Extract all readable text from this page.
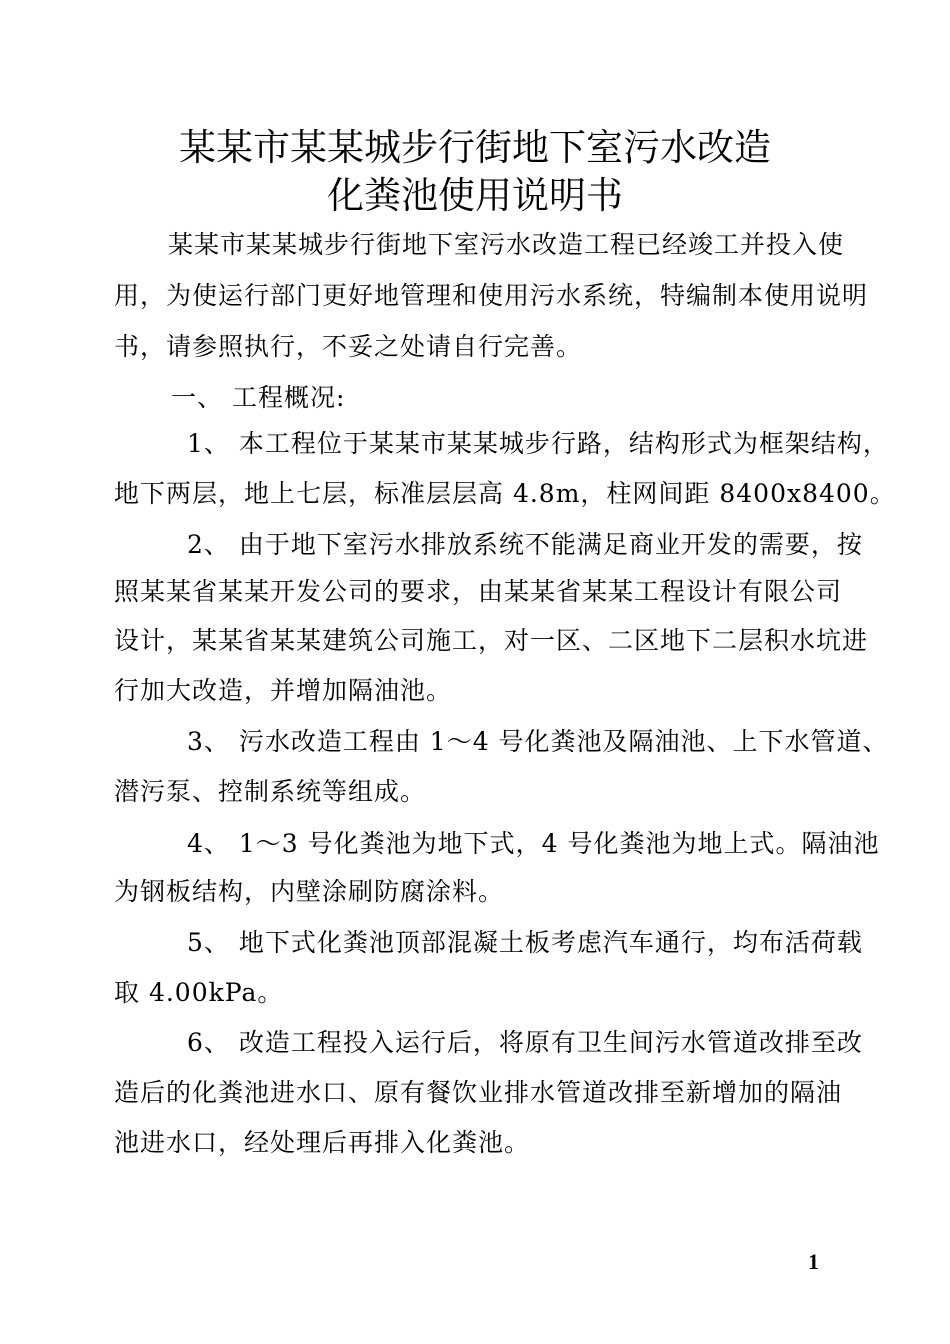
某某市某某城步行街地下室污水改造
化粪池使用说明书
某某市某某城步行街地下室污水改造工程已经竣工并投入使
用，为使运行部门更好地管理和使用污水系统，特编制本使用说明
书，请参照执行，不妥之处请自行完善。
一、 工程概况:
1、 本工程位于某某市某某城步行路，结构形式为框架结构，
地下两层，地上七层，标准层层高 4.8m，柱网间距 8400x8400。
2、 由于地下室污水排放系统不能满足商业开发的需要，按
照某某省某某开发公司的要求，由某某省某某工程设计有限公司
设计，某某省某某建筑公司施工，对一区、二区地下二层积水坑进
行加大改造，并增加隔油池。
3、 污水改造工程由 1～4 号化粪池及隔油池、上下水管道、
潜污泵、控制系统等组成。
4、 1～3 号化粪池为地下式，4 号化粪池为地上式。隔油池
为钢板结构，内壁涂刷防腐涂料。
5、 地下式化粪池顶部混凝土板考虑汽车通行，均布活荷载
取 4.00kPa。
6、 改造工程投入运行后，将原有卫生间污水管道改排至改
造后的化粪池进水口、原有餐饮业排水管道改排至新增加的隔油
池进水口，经处理后再排入化粪池。
1
